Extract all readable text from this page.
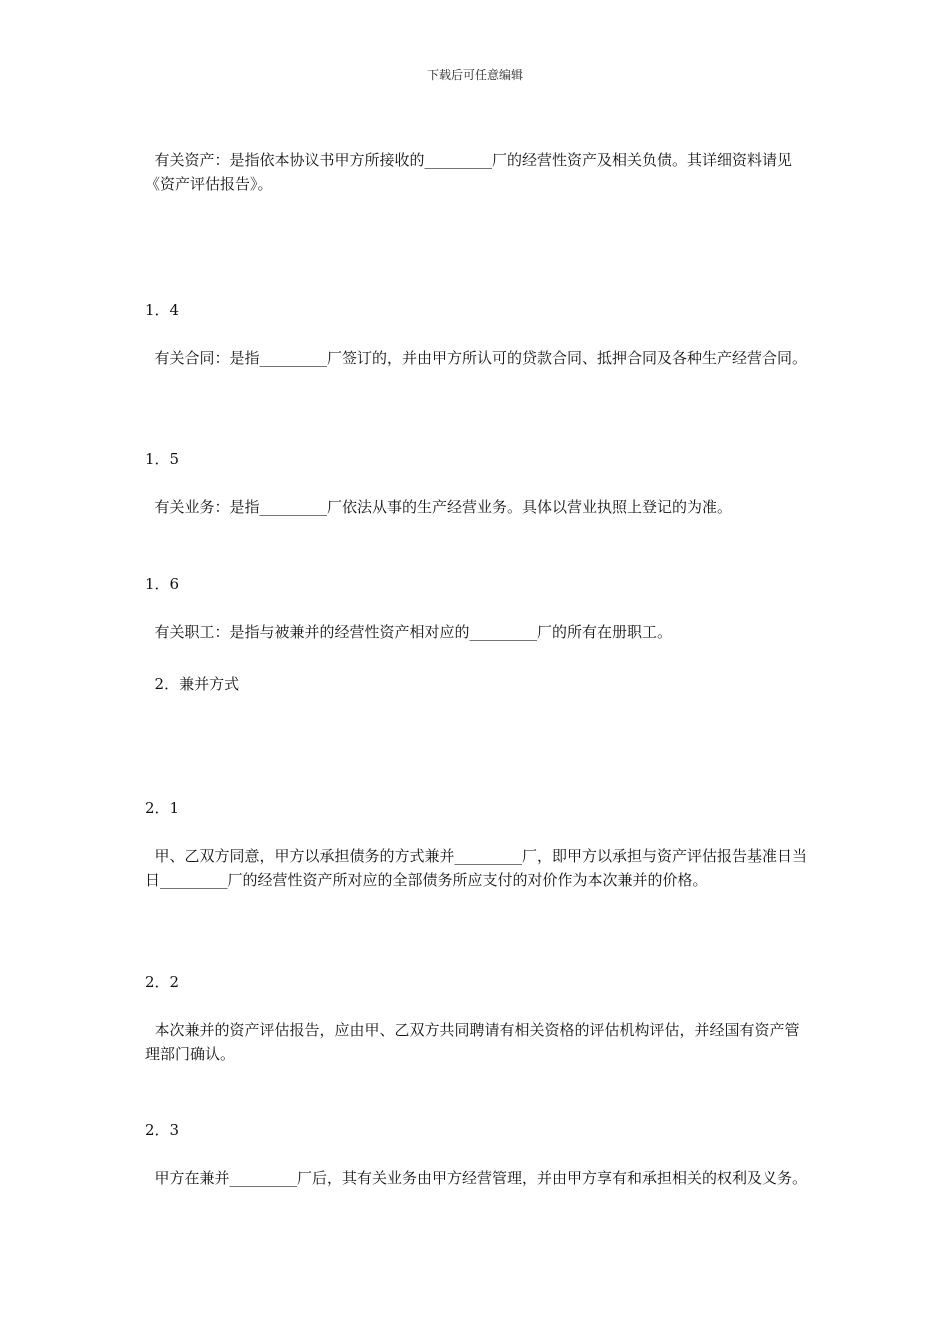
下载后可任意编辑

有关资产：是指依本协议书甲方所接收的_________厂的经营性资产及相关负债。其详细资料请见《资产评估报告》。

1．4

有关合同：是指_________厂签订的，并由甲方所认可的贷款合同、抵押合同及各种生产经营合同。

1．5

有关业务：是指_________厂依法从事的生产经营业务。具体以营业执照上登记的为准。

1．6

有关职工：是指与被兼并的经营性资产相对应的_________厂的所有在册职工。

2．兼并方式

2．1

甲、乙双方同意，甲方以承担债务的方式兼并_________厂，即甲方以承担与资产评估报告基准日当日_________厂的经营性资产所对应的全部债务所应支付的对价作为本次兼并的价格。

2．2

本次兼并的资产评估报告，应由甲、乙双方共同聘请有相关资格的评估机构评估，并经国有资产管理部门确认。

2．3

甲方在兼并_________厂后，其有关业务由甲方经营管理，并由甲方享有和承担相关的权利及义务。
